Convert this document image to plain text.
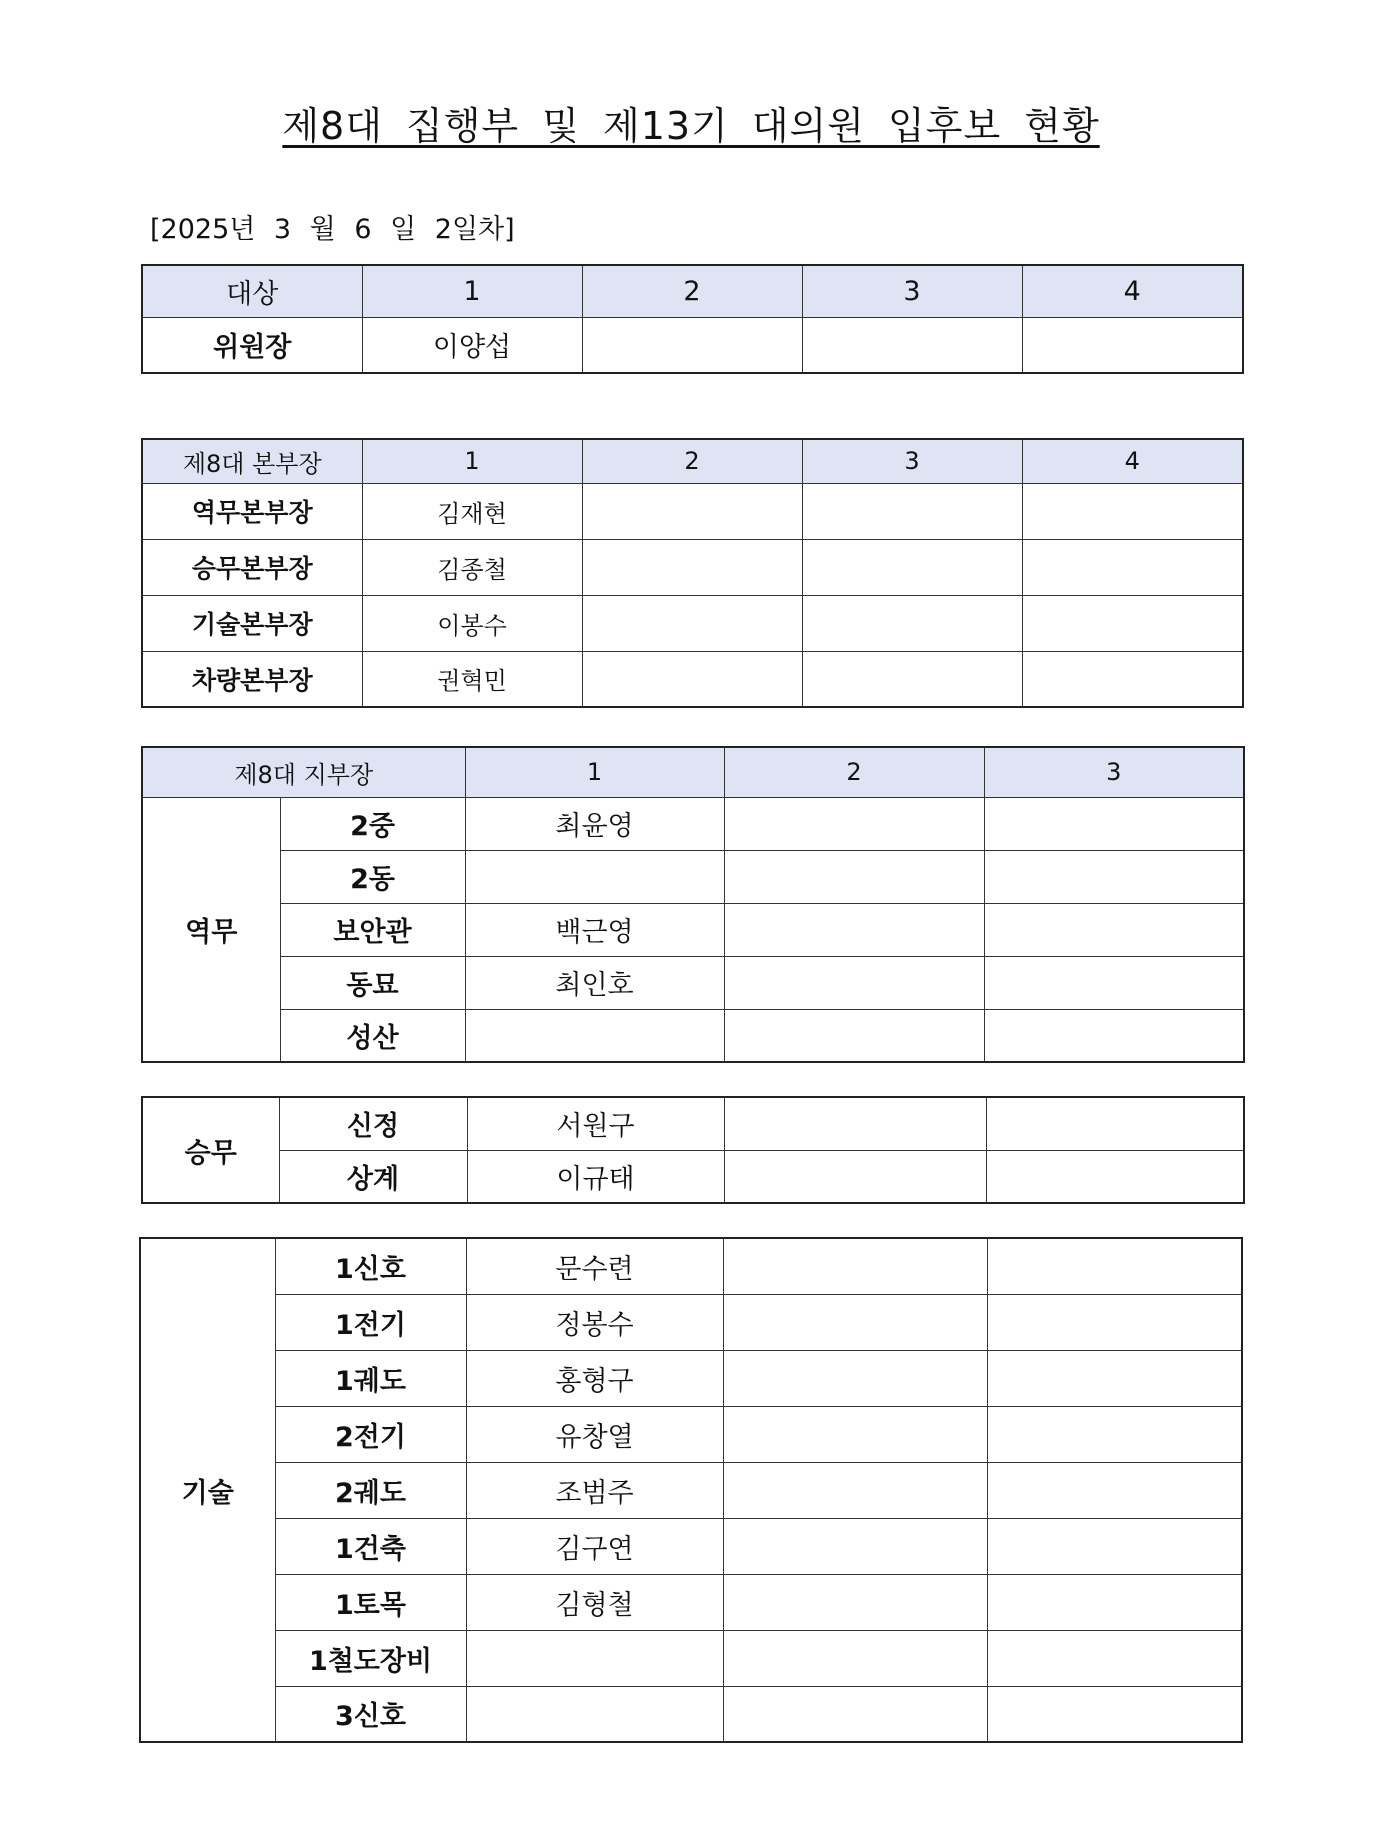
제8대 집행부 및 제13기 대의원 입후보 현황
[2025년 3 월 6 일 2일차]
대상	1	2	3	4
위원장	이양섭			
제8대 본부장	1	2	3	4
역무본부장	김재현			
승무본부장	김종철			
기술본부장	이봉수			
차량본부장	권혁민			
제8대 지부장		1	2	3
역무	2중	최윤영		
	2동			
	보안관	백근영		
	동묘	최인호		
	성산			
승무	신정	서원구		
	상계	이규태		
기술	1신호	문수련		
	1전기	정봉수		
	1궤도	홍형구		
	2전기	유창열		
	2궤도	조범주		
	1건축	김구연		
	1토목	김형철		
	1철도장비			
	3신호			
